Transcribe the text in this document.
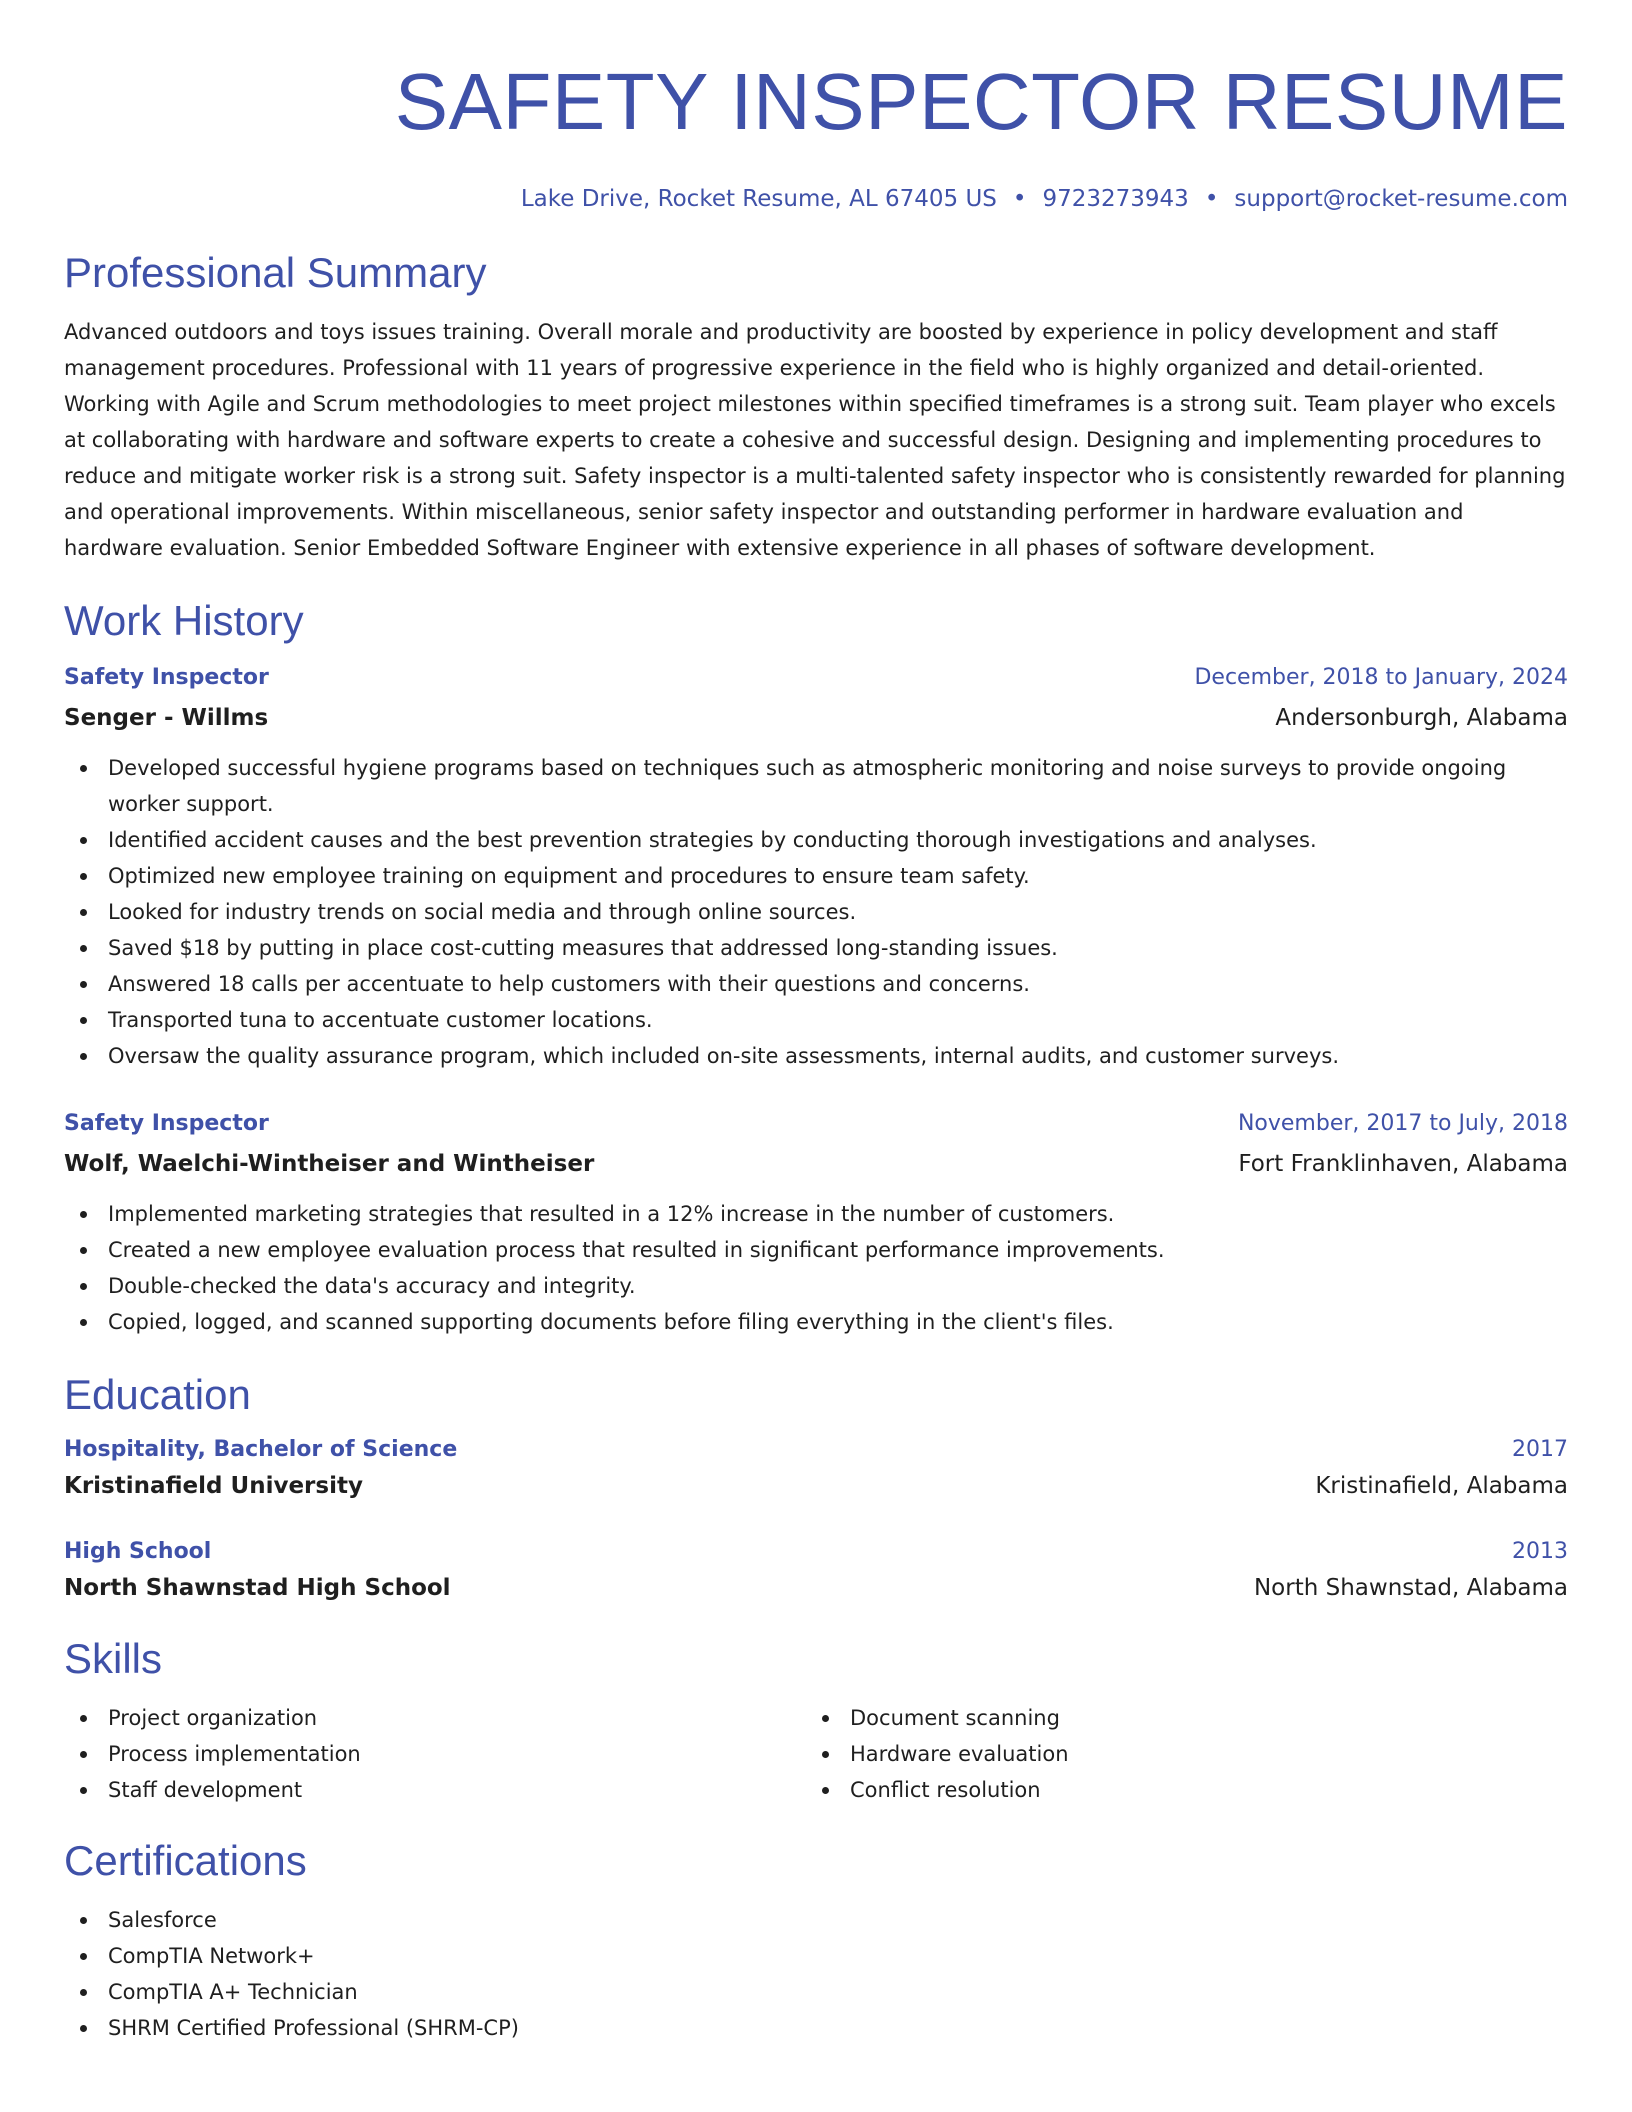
SAFETY INSPECTOR RESUME
Lake Drive, Rocket Resume, AL 67405 US • 9723273943 • support@rocket-resume.com
Professional Summary

Advanced outdoors and toys issues training. Overall morale and productivity are boosted by experience in policy development and staff management procedures. Professional with 11 years of progressive experience in the field who is highly organized and detail-oriented. Working with Agile and Scrum methodologies to meet project milestones within specified timeframes is a strong suit. Team player who excels at collaborating with hardware and software experts to create a cohesive and successful design. Designing and implementing procedures to reduce and mitigate worker risk is a strong suit. Safety inspector is a multi-talented safety inspector who is consistently rewarded for planning and operational improvements. Within miscellaneous, senior safety inspector and outstanding performer in hardware evaluation and hardware evaluation. Senior Embedded Software Engineer with extensive experience in all phases of software development.

Work History
Safety Inspector	December, 2018 to January, 2024
Senger - Willms	Andersonburgh, Alabama
Developed successful hygiene programs based on techniques such as atmospheric monitoring and noise surveys to provide ongoing worker support.
Identified accident causes and the best prevention strategies by conducting thorough investigations and analyses.
Optimized new employee training on equipment and procedures to ensure team safety.
Looked for industry trends on social media and through online sources.
Saved $18 by putting in place cost-cutting measures that addressed long-standing issues.
Answered 18 calls per accentuate to help customers with their questions and concerns.
Transported tuna to accentuate customer locations.
Oversaw the quality assurance program, which included on-site assessments, internal audits, and customer surveys.
Safety Inspector	November, 2017 to July, 2018
Wolf, Waelchi-Wintheiser and Wintheiser	Fort Franklinhaven, Alabama
Implemented marketing strategies that resulted in a 12% increase in the number of customers.
Created a new employee evaluation process that resulted in significant performance improvements.
Double-checked the data's accuracy and integrity.
Copied, logged, and scanned supporting documents before filing everything in the client's files.
Education
Hospitality, Bachelor of Science	2017
Kristinafield University	Kristinafield, Alabama
High School	2013
North Shawnstad High School	North Shawnstad, Alabama
Skills
Project organization
Process implementation
Staff development
Document scanning
Hardware evaluation
Conflict resolution
Certifications
Salesforce
CompTIA Network+
CompTIA A+ Technician
SHRM Certified Professional (SHRM-CP)
